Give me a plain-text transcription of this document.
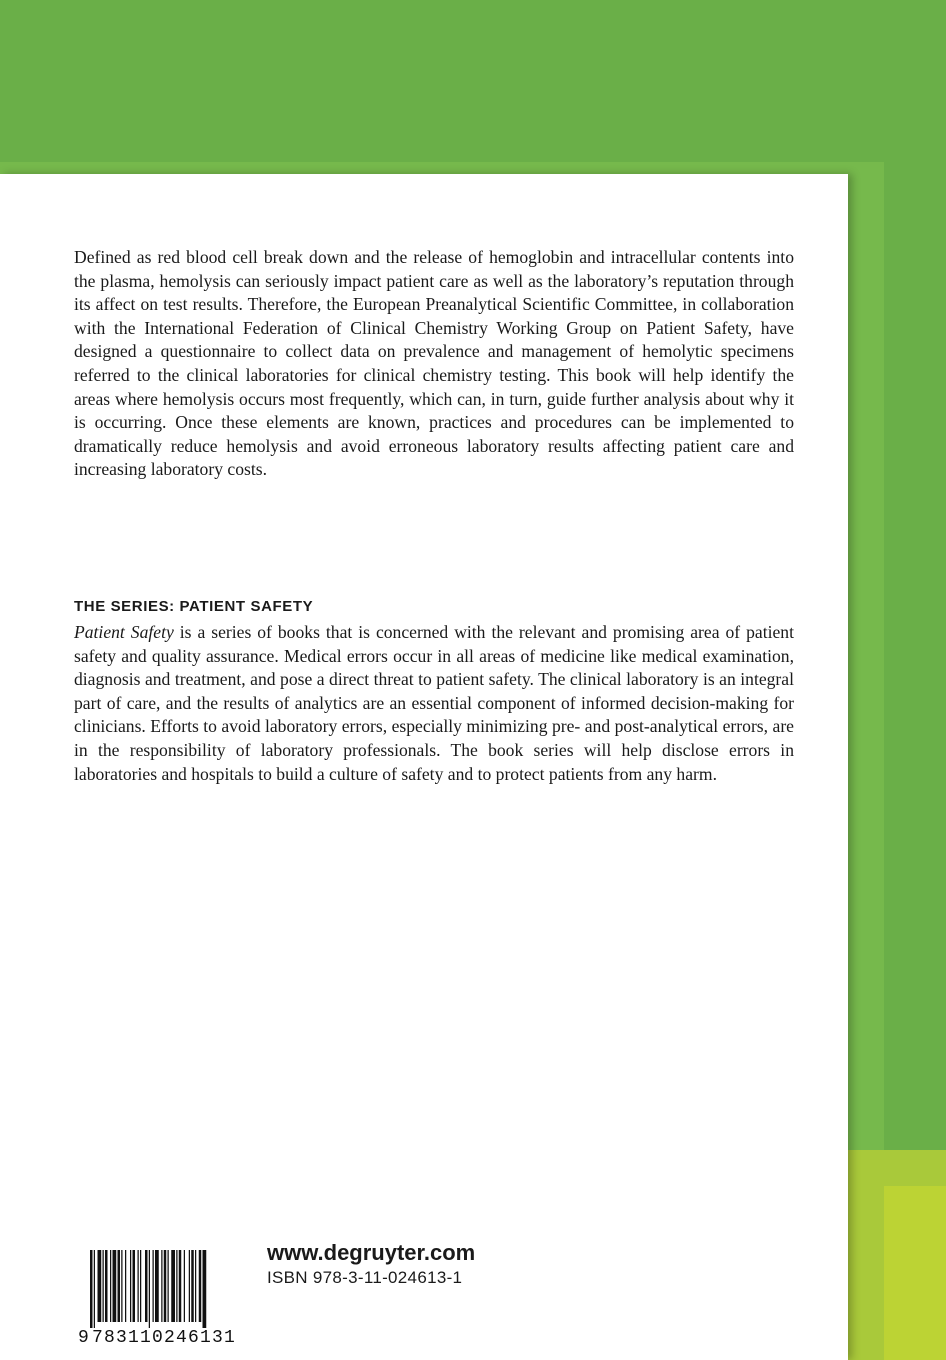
Defined as red blood cell break down and the release of hemoglobin and intracellular contents into the plasma, hemolysis can seriously impact patient care as well as the laboratory’s reputation through its affect on test results. Therefore, the European Preanalytical Scientific Committee, in collaboration with the International Federation of Clinical Chemistry Working Group on Patient Safety, have designed a questionnaire to collect data on prevalence and management of hemolytic specimens referred to the clinical laboratories for clinical chemistry testing. This book will help identify the areas where hemolysis occurs most frequently, which can, in turn, guide further analysis about why it is occurring. Once these elements are known, practices and procedures can be implemented to dramatically reduce hemolysis and avoid erroneous laboratory results affecting patient care and increasing laboratory costs.

THE SERIES: PATIENT SAFETY

Patient Safety is a series of books that is concerned with the relevant and promising area of patient safety and quality assurance. Medical errors occur in all areas of medicine like medical examination, diagnosis and treatment, and pose a direct threat to patient safety. The clinical laboratory is an integral part of care, and the results of analytics are an essential component of informed decision-making for clinicians. Efforts to avoid laboratory errors, especially minimizing pre- and post-analytical errors, are in the responsibility of laboratory professionals. The book series will help disclose errors in laboratories and hospitals to build a culture of safety and to protect patients from any harm.

9 783110246131

www.degruyter.com

ISBN 978-3-11-024613-1
